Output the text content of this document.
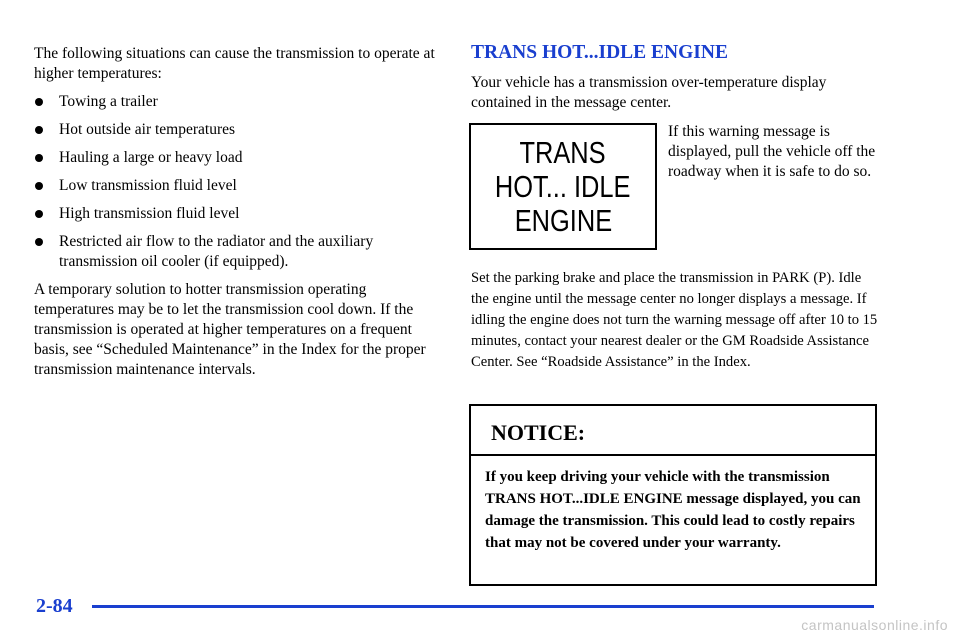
The following situations can cause the transmission to operate at higher temperatures:

Towing a trailer
Hot outside air temperatures
Hauling a large or heavy load
Low transmission fluid level
High transmission fluid level
Restricted air flow to the radiator and the auxiliary transmission oil cooler (if equipped).

A temporary solution to hotter transmission operating temperatures may be to let the transmission cool down. If the transmission is operated at higher temperatures on a frequent basis, see “Scheduled Maintenance” in the Index for the proper transmission maintenance intervals.

TRANS HOT...IDLE ENGINE

Your vehicle has a transmission over-temperature display contained in the message center.

TRANS
HOT... IDLE
ENGINE

If this warning message is displayed, pull the vehicle off the roadway when it is safe to do so.

Set the parking brake and place the transmission in PARK (P). Idle the engine until the message center no longer displays a message. If idling the engine does not turn the warning message off after 10 to 15 minutes, contact your nearest dealer or the GM Roadside Assistance Center. See “Roadside Assistance” in the Index.

NOTICE:

If you keep driving your vehicle with the transmission TRANS HOT...IDLE ENGINE message displayed, you can damage the transmission. This could lead to costly repairs that may not be covered under your warranty.

2-84
carmanualsonline.info
